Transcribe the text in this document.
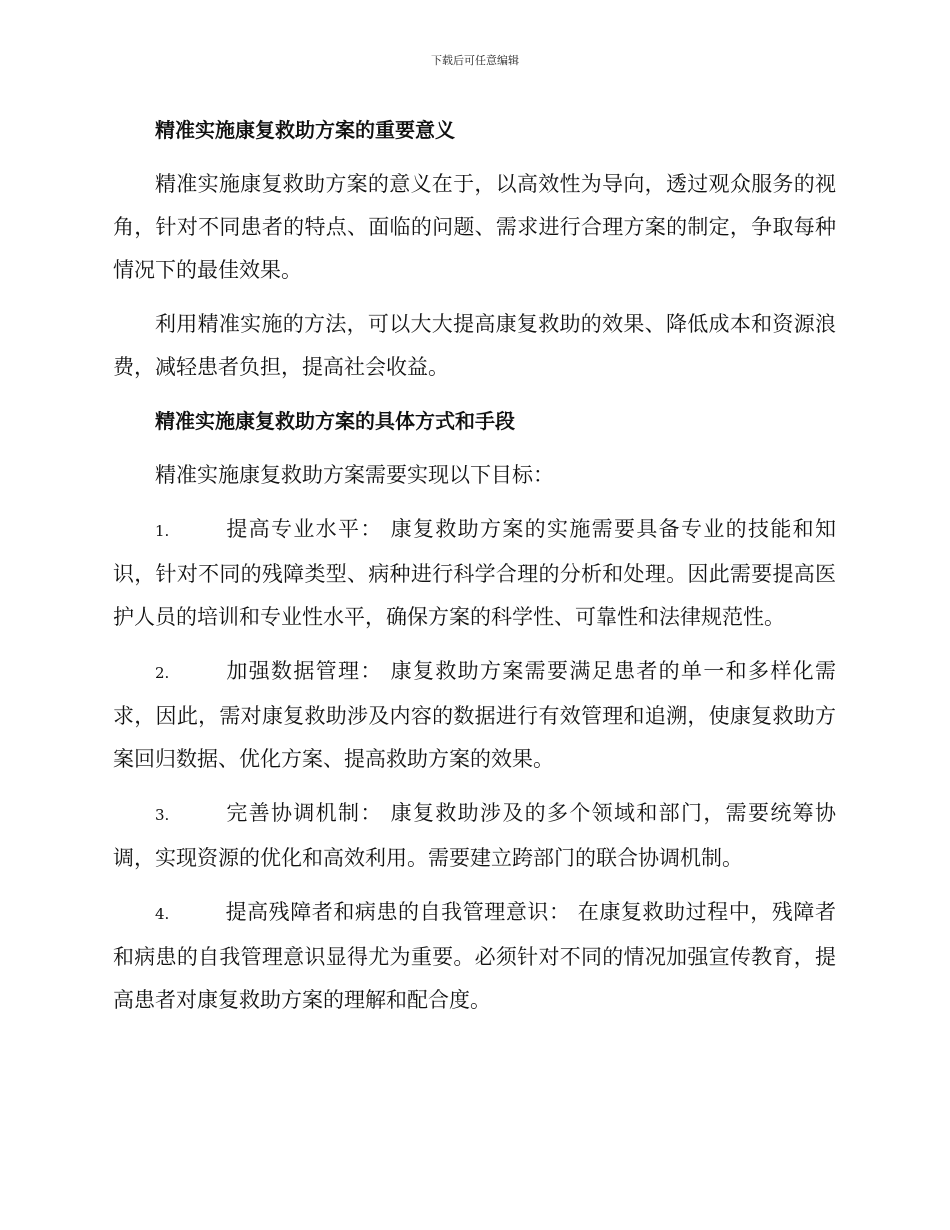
下载后可任意编辑

精准实施康复救助方案的重要意义

精准实施康复救助方案的意义在于，以高效性为导向，透过观众服务的视角，针对不同患者的特点、面临的问题、需求进行合理方案的制定，争取每种情况下的最佳效果。

利用精准实施的方法，可以大大提高康复救助的效果、降低成本和资源浪费，减轻患者负担，提高社会收益。

精准实施康复救助方案的具体方式和手段

精准实施康复救助方案需要实现以下目标：

1.	提高专业水平： 康复救助方案的实施需要具备专业的技能和知识，针对不同的残障类型、病种进行科学合理的分析和处理。因此需要提高医护人员的培训和专业性水平，确保方案的科学性、可靠性和法律规范性。

2.	加强数据管理： 康复救助方案需要满足患者的单一和多样化需求，因此，需对康复救助涉及内容的数据进行有效管理和追溯，使康复救助方案回归数据、优化方案、提高救助方案的效果。

3.	完善协调机制： 康复救助涉及的多个领域和部门，需要统筹协调，实现资源的优化和高效利用。需要建立跨部门的联合协调机制。

4.	提高残障者和病患的自我管理意识： 在康复救助过程中，残障者和病患的自我管理意识显得尤为重要。必须针对不同的情况加强宣传教育，提高患者对康复救助方案的理解和配合度。
